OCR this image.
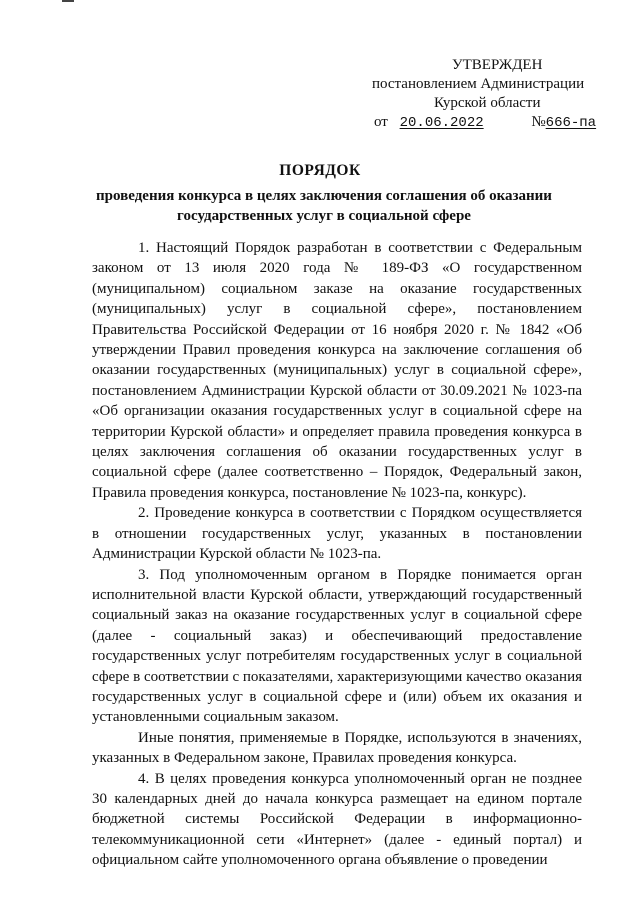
УТВЕРЖДЕН
постановлением Администрации
Курской области
от 20.06.2022	№666-па
ПОРЯДОК
проведения конкурса в целях заключения соглашения об оказании государственных услуг в социальной сфере

1. Настоящий Порядок разработан в соответствии с Федеральным законом от 13 июля 2020 года № 189-ФЗ «О государственном (муниципальном) социальном заказе на оказание государственных (муниципальных) услуг в социальной сфере», постановлением Правительства Российской Федерации от 16 ноября 2020 г. № 1842 «Об утверждении Правил проведения конкурса на заключение соглашения об оказании государственных (муниципальных) услуг в социальной сфере», постановлением Администрации Курской области от 30.09.2021 № 1023-па «Об организации оказания государственных услуг в социальной сфере на территории Курской области» и определяет правила проведения конкурса в целях заключения соглашения об оказании государственных услуг в социальной сфере (далее соответственно – Порядок, Федеральный закон, Правила проведения конкурса, постановление № 1023-па, конкурс).

2. Проведение конкурса в соответствии с Порядком осуществляется в отношении государственных услуг, указанных в постановлении Администрации Курской области № 1023-па.

3. Под уполномоченным органом в Порядке понимается орган исполнительной власти Курской области, утверждающий государственный социальный заказ на оказание государственных услуг в социальной сфере (далее - социальный заказ) и обеспечивающий предоставление государственных услуг потребителям государственных услуг в социальной сфере в соответствии с показателями, характеризующими качество оказания государственных услуг в социальной сфере и (или) объем их оказания и установленными социальным заказом.

Иные понятия, применяемые в Порядке, используются в значениях, указанных в Федеральном законе, Правилах проведения конкурса.

4. В целях проведения конкурса уполномоченный орган не позднее 30 календарных дней до начала конкурса размещает на едином портале бюджетной системы Российской Федерации в информационно-телекоммуникационной сети «Интернет» (далее - единый портал) и официальном сайте уполномоченного органа объявление о проведении
